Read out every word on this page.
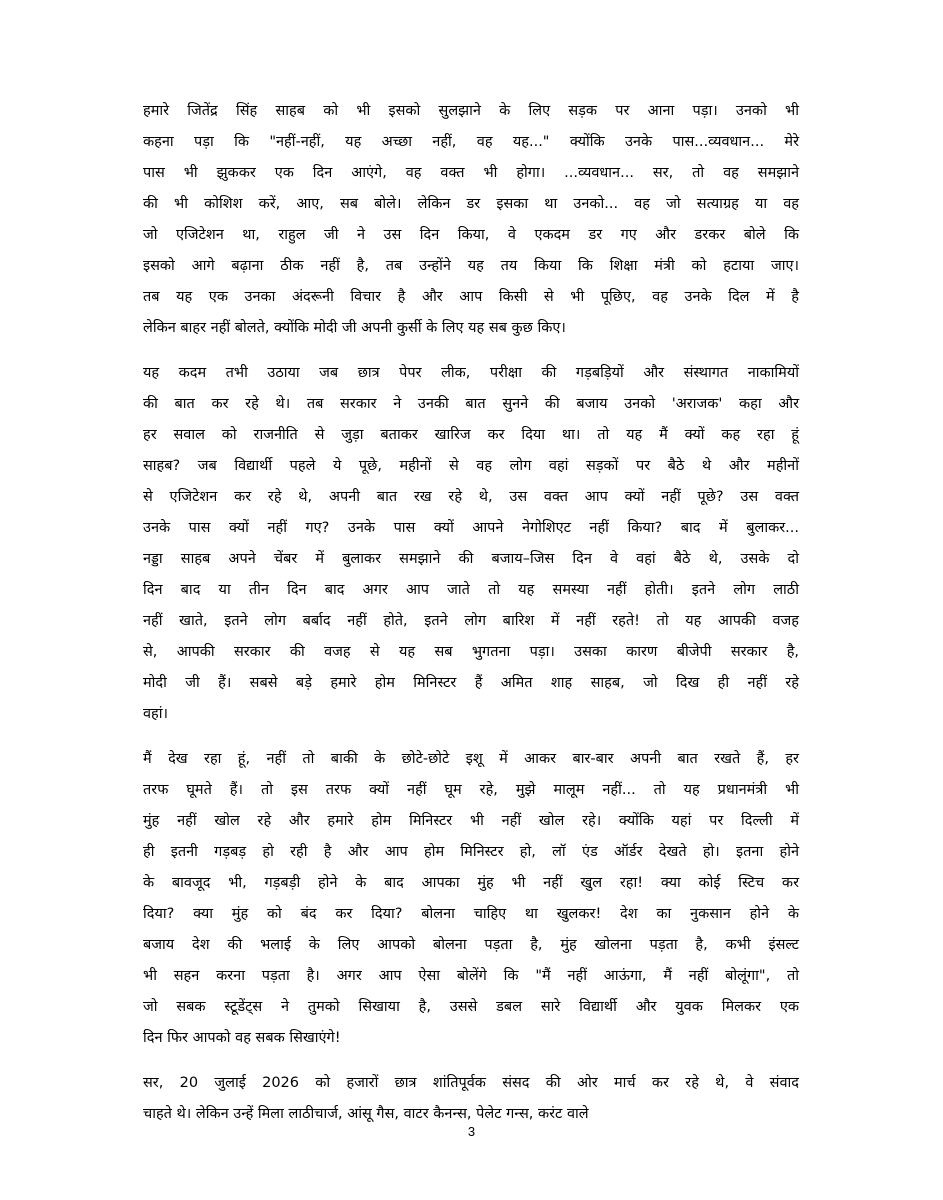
हमारे जितेंद्र सिंह साहब को भी इसको सुलझाने के लिए सड़क पर आना पड़ा। उनको भी
कहना पड़ा कि "नहीं-नहीं, यह अच्छा नहीं, वह यह..." क्योंकि उनके पास...व्यवधान... मेरे
पास भी झुककर एक दिन आएंगे, वह वक्त भी होगा। ...व्यवधान... सर, तो वह समझाने
की भी कोशिश करें, आए, सब बोले। लेकिन डर इसका था उनको... वह जो सत्याग्रह या वह
जो एजिटेशन था, राहुल जी ने उस दिन किया, वे एकदम डर गए और डरकर बोले कि
इसको आगे बढ़ाना ठीक नहीं है, तब उन्होंने यह तय किया कि शिक्षा मंत्री को हटाया जाए।
तब यह एक उनका अंदरूनी विचार है और आप किसी से भी पूछिए, वह उनके दिल में है
लेकिन बाहर नहीं बोलते, क्योंकि मोदी जी अपनी कुर्सी के लिए यह सब कुछ किए।
यह कदम तभी उठाया जब छात्र पेपर लीक, परीक्षा की गड़बड़ियों और संस्थागत नाकामियों
की बात कर रहे थे। तब सरकार ने उनकी बात सुनने की बजाय उनको 'अराजक' कहा और
हर सवाल को राजनीति से जुड़ा बताकर खारिज कर दिया था। तो यह मैं क्यों कह रहा हूं
साहब? जब विद्यार्थी पहले ये पूछे, महीनों से वह लोग वहां सड़कों पर बैठे थे और महीनों
से एजिटेशन कर रहे थे, अपनी बात रख रहे थे, उस वक्त आप क्यों नहीं पूछे? उस वक्त
उनके पास क्यों नहीं गए? उनके पास क्यों आपने नेगोशिएट नहीं किया? बाद में बुलाकर...
नड्डा साहब अपने चेंबर में बुलाकर समझाने की बजाय–जिस दिन वे वहां बैठे थे, उसके दो
दिन बाद या तीन दिन बाद अगर आप जाते तो यह समस्या नहीं होती। इतने लोग लाठी
नहीं खाते, इतने लोग बर्बाद नहीं होते, इतने लोग बारिश में नहीं रहते! तो यह आपकी वजह
से, आपकी सरकार की वजह से यह सब भुगतना पड़ा। उसका कारण बीजेपी सरकार है,
मोदी जी हैं। सबसे बड़े हमारे होम मिनिस्टर हैं अमित शाह साहब, जो दिख ही नहीं रहे
वहां।
मैं देख रहा हूं, नहीं तो बाकी के छोटे-छोटे इशू में आकर बार-बार अपनी बात रखते हैं, हर
तरफ घूमते हैं। तो इस तरफ क्यों नहीं घूम रहे, मुझे मालूम नहीं... तो यह प्रधानमंत्री भी
मुंह नहीं खोल रहे और हमारे होम मिनिस्टर भी नहीं खोल रहे। क्योंकि यहां पर दिल्ली में
ही इतनी गड़बड़ हो रही है और आप होम मिनिस्टर हो, लॉ एंड ऑर्डर देखते हो। इतना होने
के बावजूद भी, गड़बड़ी होने के बाद आपका मुंह भी नहीं खुल रहा! क्या कोई स्टिच कर
दिया? क्या मुंह को बंद कर दिया? बोलना चाहिए था खुलकर! देश का नुकसान होने के
बजाय देश की भलाई के लिए आपको बोलना पड़ता है, मुंह खोलना पड़ता है, कभी इंसल्ट
भी सहन करना पड़ता है। अगर आप ऐसा बोलेंगे कि "मैं नहीं आऊंगा, मैं नहीं बोलूंगा", तो
जो सबक स्टूडेंट्स ने तुमको सिखाया है, उससे डबल सारे विद्यार्थी और युवक मिलकर एक
दिन फिर आपको वह सबक सिखाएंगे!
सर, 20 जुलाई 2026 को हजारों छात्र शांतिपूर्वक संसद की ओर मार्च कर रहे थे, वे संवाद
चाहते थे। लेकिन उन्हें मिला लाठीचार्ज, आंसू गैस, वाटर कैनन्स, पेलेट गन्स, करंट वाले
3
